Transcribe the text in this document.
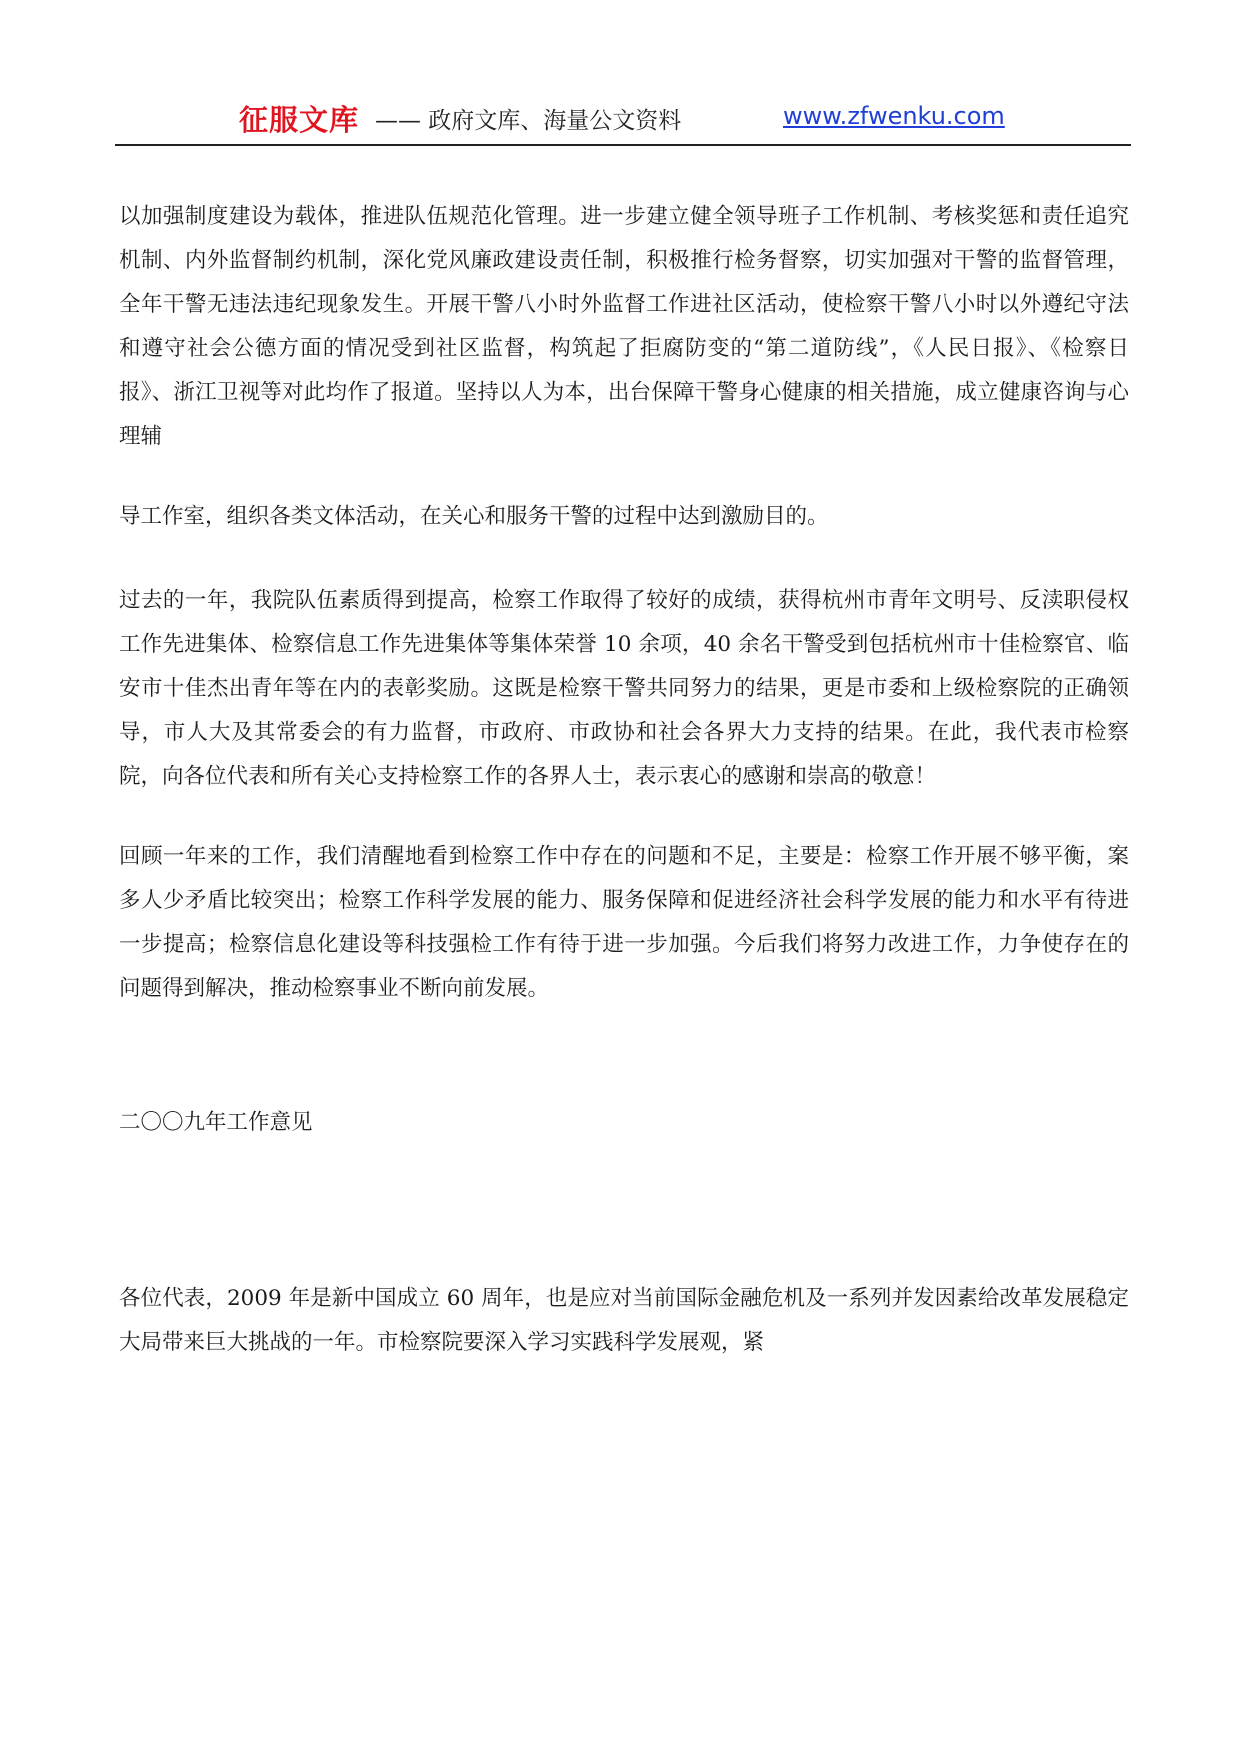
征服文库 —— 政府文库、海量公文资料	www.zfwenku.com

以加强制度建设为载体，推进队伍规范化管理。进一步建立健全领导班子工作机制、考核奖惩和责任追究机制、内外监督制约机制，深化党风廉政建设责任制，积极推行检务督察，切实加强对干警的监督管理，全年干警无违法违纪现象发生。开展干警八小时外监督工作进社区活动，使检察干警八小时以外遵纪守法和遵守社会公德方面的情况受到社区监督，构筑起了拒腐防变的“第二道防线”，《人民日报》、《检察日报》、浙江卫视等对此均作了报道。坚持以人为本，出台保障干警身心健康的相关措施，成立健康咨询与心理辅

导工作室，组织各类文体活动，在关心和服务干警的过程中达到激励目的。

过去的一年，我院队伍素质得到提高，检察工作取得了较好的成绩，获得杭州市青年文明号、反渎职侵权工作先进集体、检察信息工作先进集体等集体荣誉 10 余项，40 余名干警受到包括杭州市十佳检察官、临安市十佳杰出青年等在内的表彰奖励。这既是检察干警共同努力的结果，更是市委和上级检察院的正确领导，市人大及其常委会的有力监督，市政府、市政协和社会各界大力支持的结果。在此，我代表市检察院，向各位代表和所有关心支持检察工作的各界人士，表示衷心的感谢和崇高的敬意！

回顾一年来的工作，我们清醒地看到检察工作中存在的问题和不足，主要是：检察工作开展不够平衡，案多人少矛盾比较突出；检察工作科学发展的能力、服务保障和促进经济社会科学发展的能力和水平有待进一步提高；检察信息化建设等科技强检工作有待于进一步加强。今后我们将努力改进工作，力争使存在的问题得到解决，推动检察事业不断向前发展。

二〇〇九年工作意见

各位代表，2009 年是新中国成立 60 周年，也是应对当前国际金融危机及一系列并发因素给改革发展稳定大局带来巨大挑战的一年。市检察院要深入学习实践科学发展观，紧
